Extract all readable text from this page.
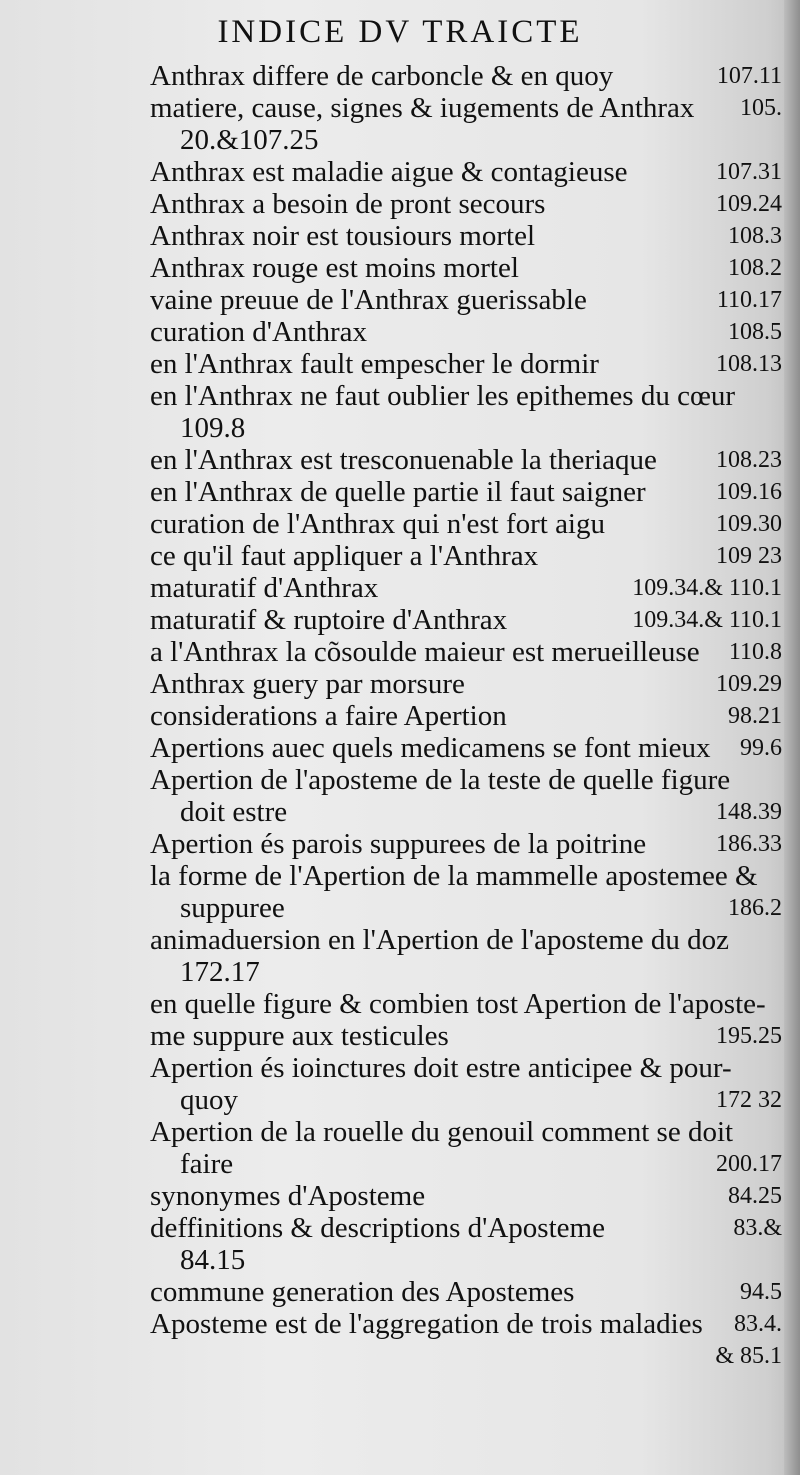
INDICE DV TRAICTE
Anthrax differe de carboncle & en quoy	107.11
matiere, cause, signes & iugements de Anthrax 105.
20.&107.25
Anthrax est maladie aigue & contagieuse	107.31
Anthrax a besoin de pront secours	109.24
Anthrax noir est tousiours mortel	108.3
Anthrax rouge est moins mortel	108.2
vaine preuue de l'Anthrax guerissable	110.17
curation d'Anthrax	108.5
en l'Anthrax fault empescher le dormir	108.13
en l'Anthrax ne faut oublier les epithemes du cœur
109.8
en l'Anthrax est tresconuenable la theriaque 108.23
en l'Anthrax de quelle partie il faut saigner	109.16
curation de l'Anthrax qui n'est fort aigu	109.30
ce qu'il faut appliquer a l'Anthrax	109 23
maturatif d'Anthrax	109.34.& 110.1
maturatif & ruptoire d'Anthrax	109.34.& 110.1
a l'Anthrax la cõsoulde maieur est merueilleuse 110.8
Anthrax guery par morsure	109.29
considerations a faire Apertion	98.21
Apertions auec quels medicamens se font mieux 99.6
Apertion de l'aposteme de la teste de quelle figure
doit estre	148.39
Apertion és parois suppurees de la poitrine	186.33
la forme de l'Apertion de la mammelle apostemee &
suppuree	186.2
animaduersion en l'Apertion de l'aposteme du doz
172.17
en quelle figure & combien tost Apertion de l'aposte-
me suppure aux testicules	195.25
Apertion és ioinctures doit estre anticipee & pour-
quoy	172 32
Apertion de la rouelle du genouil comment se doit
faire	200.17
synonymes d'Aposteme	84.25
deffinitions & descriptions d'Aposteme	83.&
84.15
commune generation des Apostemes	94.5
Aposteme est de l'aggregation de trois maladies 83.4.
& 85.1
